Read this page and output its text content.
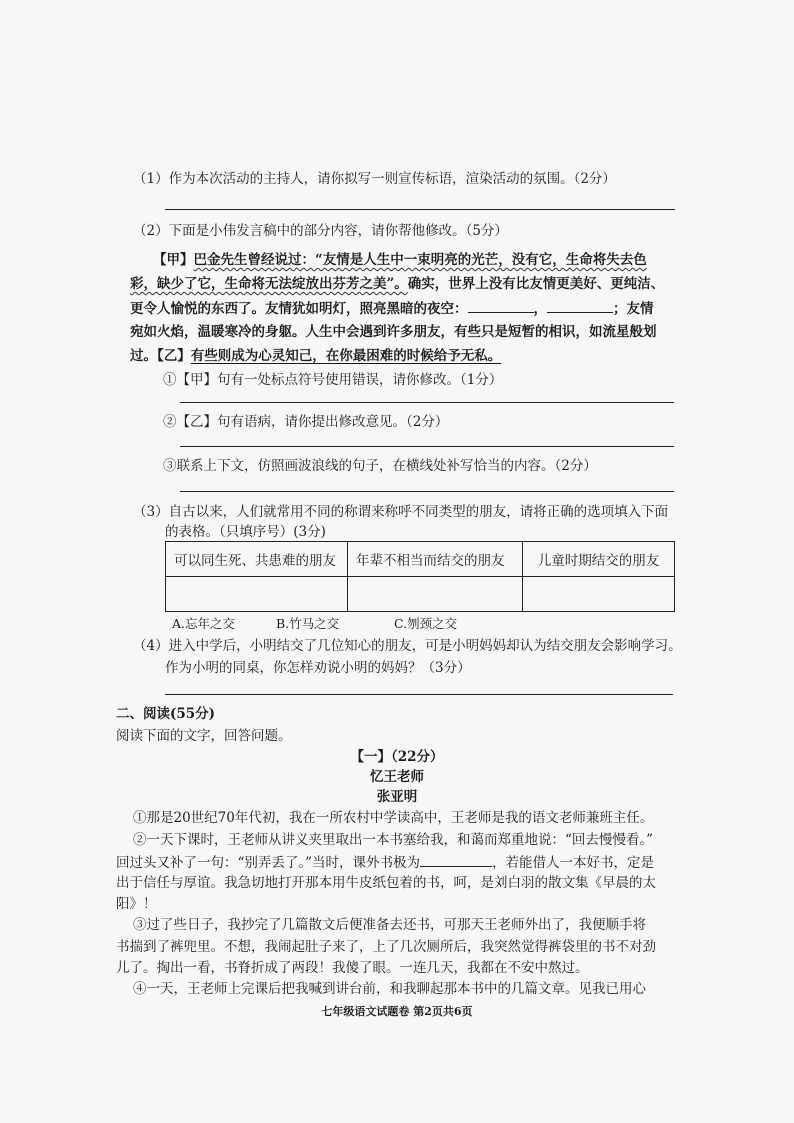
（1）作为本次活动的主持人，请你拟写一则宣传标语，渲染活动的氛围。（2分）
（2）下面是小伟发言稿中的部分内容，请你帮他修改。（5分）
【甲】巴金先生曾经说过：“友情是人生中一束明亮的光芒，没有它，生命将失去色
彩，缺少了它，生命将无法绽放出芬芳之美”。确实，世界上没有比友情更美好、更纯洁、
更令人愉悦的东西了。友情犹如明灯，照亮黑暗的夜空：	，	；友情
宛如火焰，温暖寒冷的身躯。人生中会遇到许多朋友，有些只是短暂的相识，如流星般划
过。【乙】有些则成为心灵知己，在你最困难的时候给予无私。
①【甲】句有一处标点符号使用错误，请你修改。（1分）
②【乙】句有语病，请你提出修改意见。（2分）
③联系上下文，仿照画波浪线的句子，在横线处补写恰当的内容。（2分）
（3）自古以来，人们就常用不同的称谓来称呼不同类型的朋友，请将正确的选项填入下面
的表格。（只填序号）(3分)
可以同生死、共患难的朋友	年辈不相当而结交的朋友	儿童时期结交的朋友

A.忘年之交	B.竹马之交	C.刎颈之交
（4）进入中学后，小明结交了几位知心的朋友，可是小明妈妈却认为结交朋友会影响学习。
作为小明的同桌，你怎样劝说小明的妈妈？（3分）
二、阅读(55分)
阅读下面的文字，回答问题。
【一】（22分）
忆王老师
张亚明
①那是20世纪70年代初，我在一所农村中学读高中，王老师是我的语文老师兼班主任。
②一天下课时，王老师从讲义夹里取出一本书塞给我，和蔼而郑重地说：“回去慢慢看。”
回过头又补了一句：“别弄丢了。”当时，课外书极为	，若能借人一本好书，定是
出于信任与厚谊。我急切地打开那本用牛皮纸包着的书，呵，是刘白羽的散文集《早晨的太
阳》！
③过了些日子，我抄完了几篇散文后便准备去还书，可那天王老师外出了，我便顺手将
书揣到了裤兜里。不想，我闹起肚子来了，上了几次厕所后，我突然觉得裤袋里的书不对劲
儿了。掏出一看，书脊折成了两段！我傻了眼。一连几天，我都在不安中熬过。
④一天，王老师上完课后把我喊到讲台前，和我聊起那本书中的几篇文章。见我已用心
七年级语文试题卷 第2页共6页
